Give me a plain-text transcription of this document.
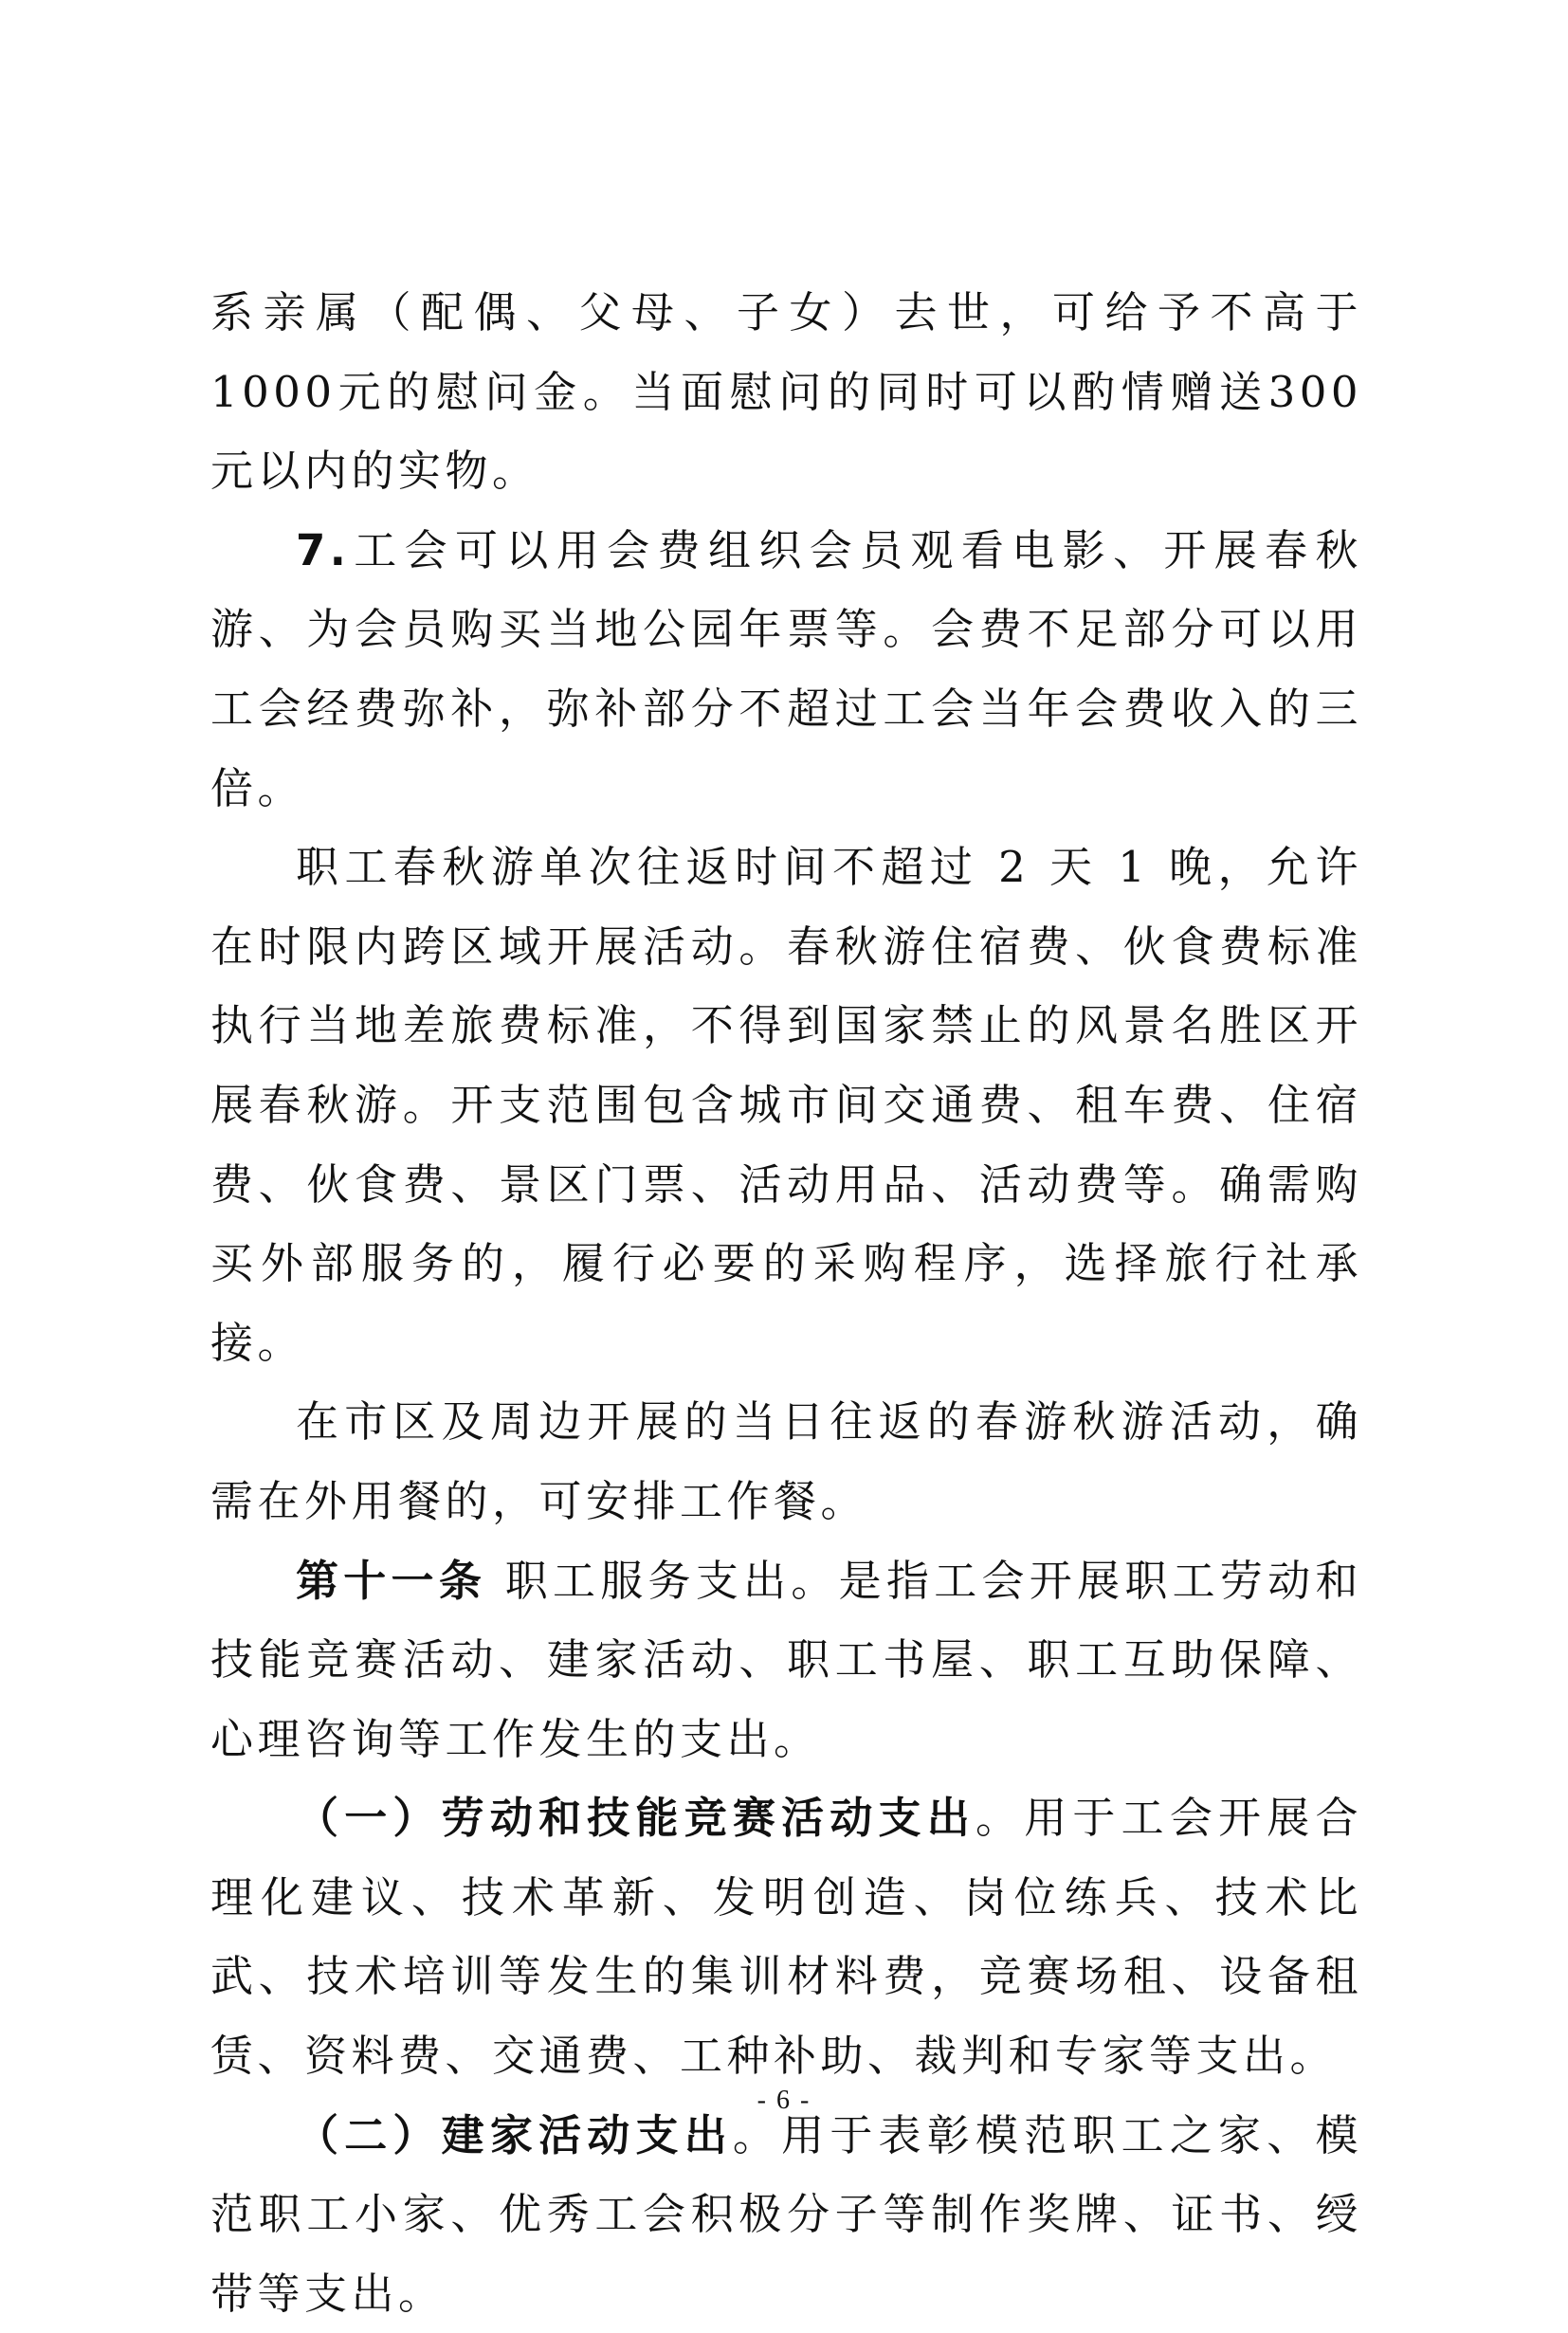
系亲属（配偶、父母、子女）去世，可给予不高于1000元的慰问金。当面慰问的同时可以酌情赠送300元以内的实物。

7.工会可以用会费组织会员观看电影、开展春秋游、为会员购买当地公园年票等。会费不足部分可以用工会经费弥补，弥补部分不超过工会当年会费收入的三倍。

职工春秋游单次往返时间不超过 2 天 1 晚，允许在时限内跨区域开展活动。春秋游住宿费、伙食费标准执行当地差旅费标准，不得到国家禁止的风景名胜区开展春秋游。开支范围包含城市间交通费、租车费、住宿费、伙食费、景区门票、活动用品、活动费等。确需购买外部服务的，履行必要的采购程序，选择旅行社承接。

在市区及周边开展的当日往返的春游秋游活动，确需在外用餐的，可安排工作餐。

第十一条 职工服务支出。是指工会开展职工劳动和技能竞赛活动、建家活动、职工书屋、职工互助保障、心理咨询等工作发生的支出。

（一）劳动和技能竞赛活动支出。用于工会开展合理化建议、技术革新、发明创造、岗位练兵、技术比武、技术培训等发生的集训材料费，竞赛场租、设备租赁、资料费、交通费、工种补助、裁判和专家等支出。

（二）建家活动支出。用于表彰模范职工之家、模范职工小家、优秀工会积极分子等制作奖牌、证书、绶带等支出。

- 6 -
